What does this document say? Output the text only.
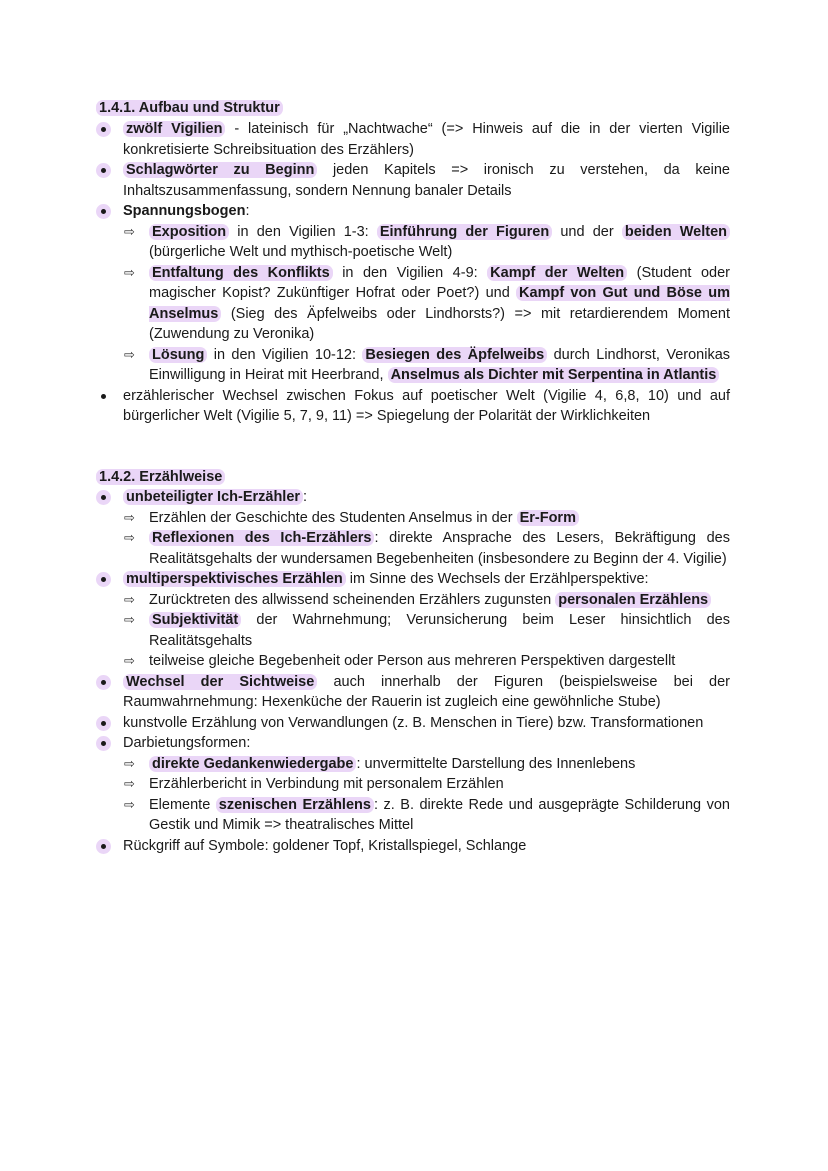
1.4.1. Aufbau und Struktur
zwölf Vigilien - lateinisch für „Nachtwache“ (=> Hinweis auf die in der vierten Vigilie konkretisierte Schreibsituation des Erzählers)
Schlagwörter zu Beginn jeden Kapitels => ironisch zu verstehen, da keine Inhaltszusammenfassung, sondern Nennung banaler Details
Spannungsbogen:
⇨ Exposition in den Vigilien 1-3: Einführung der Figuren und der beiden Welten (bürgerliche Welt und mythisch-poetische Welt)
⇨ Entfaltung des Konflikts in den Vigilien 4-9: Kampf der Welten (Student oder magischer Kopist? Zukünftiger Hofrat oder Poet?) und Kampf von Gut und Böse um Anselmus (Sieg des Äpfelweibs oder Lindhorsts?) => mit retardierendem Moment (Zuwendung zu Veronika)
⇨ Lösung in den Vigilien 10-12: Besiegen des Äpfelweibs durch Lindhorst, Veronikas Einwilligung in Heirat mit Heerbrand, Anselmus als Dichter mit Serpentina in Atlantis
erzählerischer Wechsel zwischen Fokus auf poetischer Welt (Vigilie 4, 6,8, 10) und auf bürgerlicher Welt (Vigilie 5, 7, 9, 11) => Spiegelung der Polarität der Wirklichkeiten
1.4.2. Erzählweise
unbeteiligter Ich-Erzähler :
⇨ Erzählen der Geschichte des Studenten Anselmus in der Er-Form
⇨ Reflexionen des Ich-Erzählers : direkte Ansprache des Lesers, Bekräftigung des Realitätsgehalts der wundersamen Begebenheiten (insbesondere zu Beginn der 4. Vigilie)
multiperspektivisches Erzählen im Sinne des Wechsels der Erzählperspektive:
⇨ Zurücktreten des allwissend scheinenden Erzählers zugunsten personalen Erzählens
⇨ Subjektivität der Wahrnehmung; Verunsicherung beim Leser hinsichtlich des Realitätsgehalts
⇨ teilweise gleiche Begebenheit oder Person aus mehreren Perspektiven dargestellt
Wechsel der Sichtweise auch innerhalb der Figuren (beispielsweise bei der Raumwahrnehmung: Hexenküche der Rauerin ist zugleich eine gewöhnliche Stube)
kunstvolle Erzählung von Verwandlungen (z. B. Menschen in Tiere) bzw. Transformationen
Darbietungsformen:
⇨ direkte Gedankenwiedergabe : unvermittelte Darstellung des Innenlebens
⇨ Erzählerbericht in Verbindung mit personalem Erzählen
⇨ Elemente szenischen Erzählens : z. B. direkte Rede und ausgeprägte Schilderung von Gestik und Mimik => theatralisches Mittel
Rückgriff auf Symbole: goldener Topf, Kristallspiegel, Schlange
